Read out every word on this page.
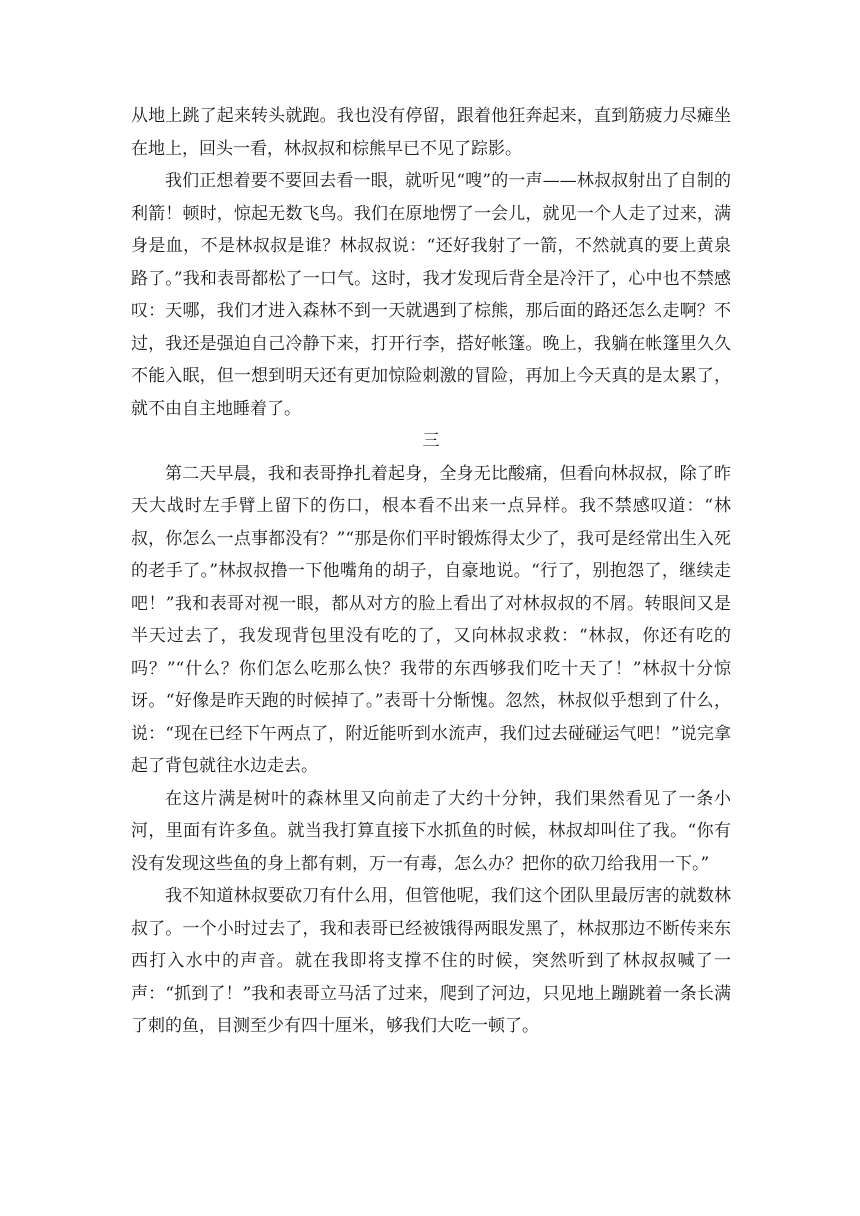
从地上跳了起来转头就跑。我也没有停留，跟着他狂奔起来，直到筋疲力尽瘫坐在地上，回头一看，林叔叔和棕熊早已不见了踪影。

我们正想着要不要回去看一眼，就听见“嗖”的一声——林叔叔射出了自制的利箭！顿时，惊起无数飞鸟。我们在原地愣了一会儿，就见一个人走了过来，满身是血，不是林叔叔是谁？林叔叔说：“还好我射了一箭，不然就真的要上黄泉路了。”我和表哥都松了一口气。这时，我才发现后背全是冷汗了，心中也不禁感叹：天哪，我们才进入森林不到一天就遇到了棕熊，那后面的路还怎么走啊？不过，我还是强迫自己冷静下来，打开行李，搭好帐篷。晚上，我躺在帐篷里久久不能入眠，但一想到明天还有更加惊险刺激的冒险，再加上今天真的是太累了，就不由自主地睡着了。

三

第二天早晨，我和表哥挣扎着起身，全身无比酸痛，但看向林叔叔，除了昨天大战时左手臂上留下的伤口，根本看不出来一点异样。我不禁感叹道：“林叔，你怎么一点事都没有？”“那是你们平时锻炼得太少了，我可是经常出生入死的老手了。”林叔叔撸一下他嘴角的胡子，自豪地说。“行了，别抱怨了，继续走吧！”我和表哥对视一眼，都从对方的脸上看出了对林叔叔的不屑。转眼间又是半天过去了，我发现背包里没有吃的了，又向林叔求救：“林叔，你还有吃的吗？”“什么？你们怎么吃那么快？我带的东西够我们吃十天了！”林叔十分惊讶。“好像是昨天跑的时候掉了。”表哥十分惭愧。忽然，林叔似乎想到了什么，说：“现在已经下午两点了，附近能听到水流声，我们过去碰碰运气吧！”说完拿起了背包就往水边走去。

在这片满是树叶的森林里又向前走了大约十分钟，我们果然看见了一条小河，里面有许多鱼。就当我打算直接下水抓鱼的时候，林叔却叫住了我。“你有没有发现这些鱼的身上都有刺，万一有毒，怎么办？把你的砍刀给我用一下。”

我不知道林叔要砍刀有什么用，但管他呢，我们这个团队里最厉害的就数林叔了。一个小时过去了，我和表哥已经被饿得两眼发黑了，林叔那边不断传来东西打入水中的声音。就在我即将支撑不住的时候，突然听到了林叔叔喊了一声：“抓到了！”我和表哥立马活了过来，爬到了河边，只见地上蹦跳着一条长满了刺的鱼，目测至少有四十厘米，够我们大吃一顿了。
